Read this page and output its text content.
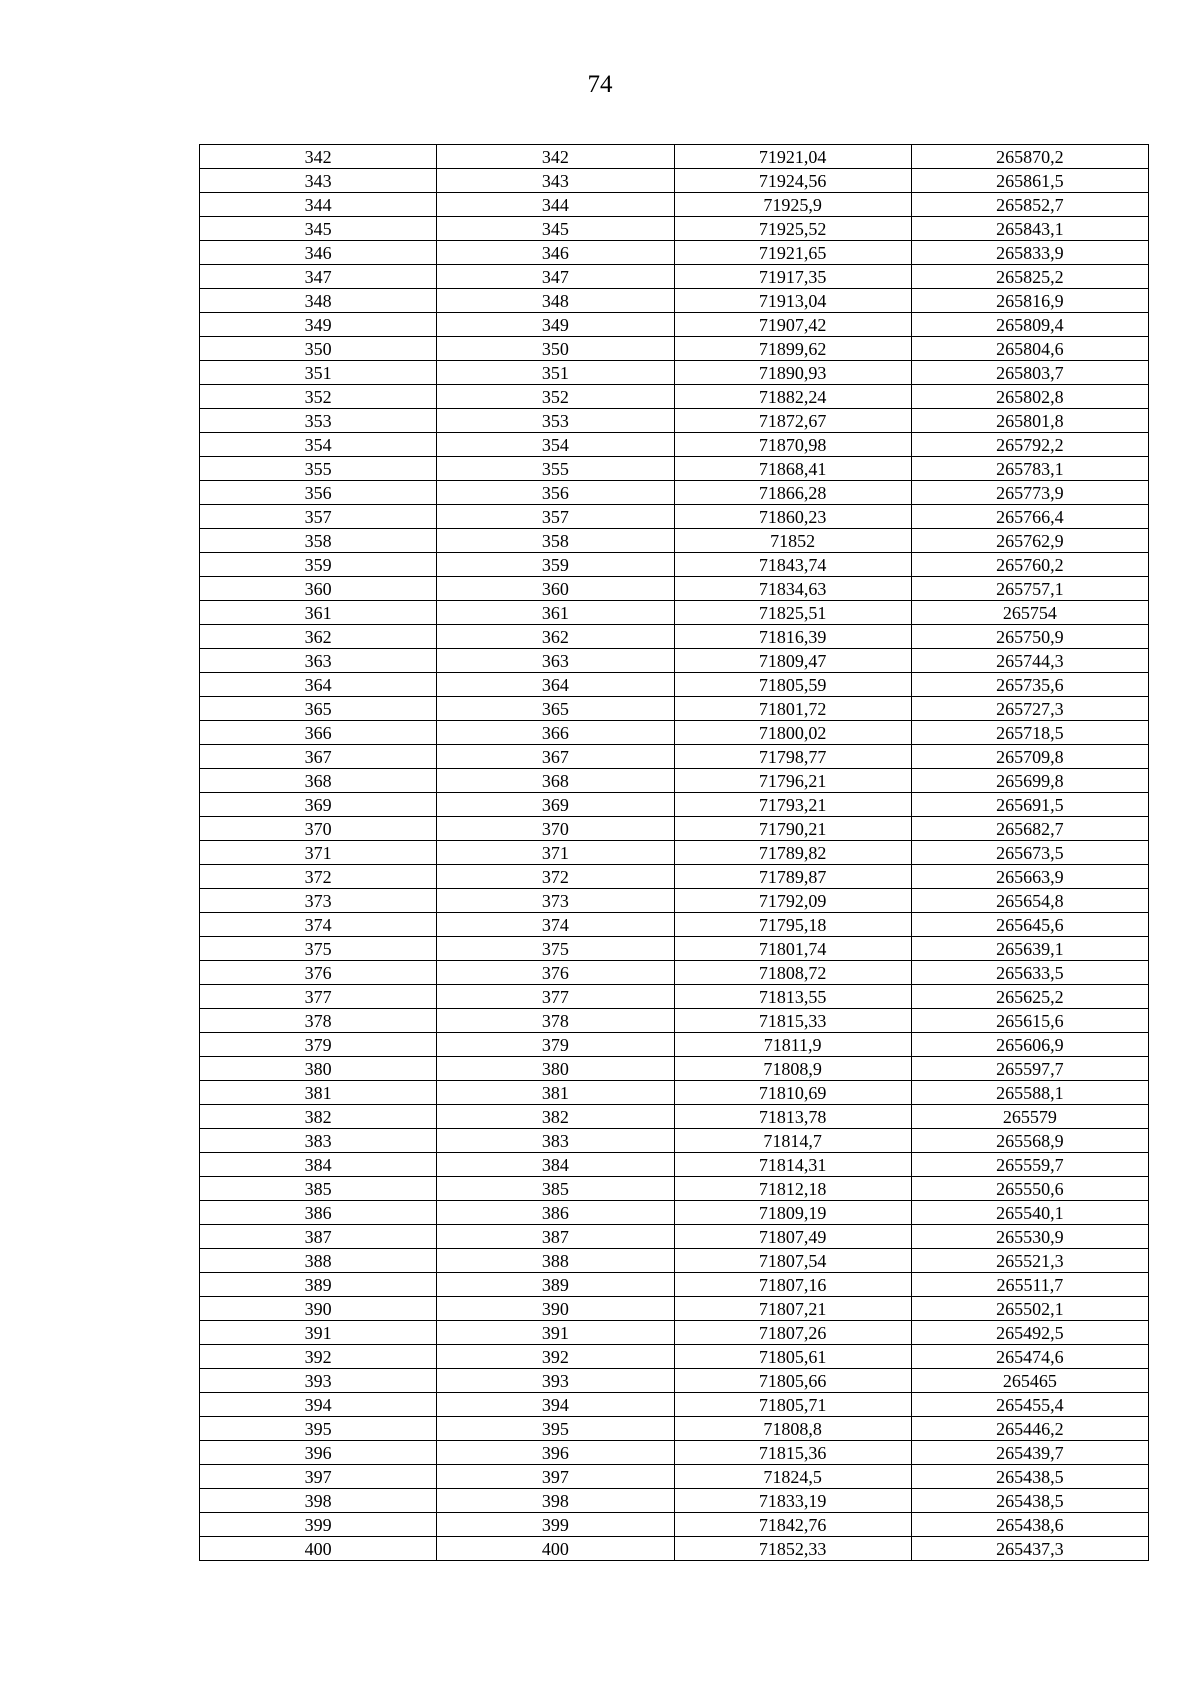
74
342	342	71921,04	265870,2
343	343	71924,56	265861,5
344	344	71925,9	265852,7
345	345	71925,52	265843,1
346	346	71921,65	265833,9
347	347	71917,35	265825,2
348	348	71913,04	265816,9
349	349	71907,42	265809,4
350	350	71899,62	265804,6
351	351	71890,93	265803,7
352	352	71882,24	265802,8
353	353	71872,67	265801,8
354	354	71870,98	265792,2
355	355	71868,41	265783,1
356	356	71866,28	265773,9
357	357	71860,23	265766,4
358	358	71852	265762,9
359	359	71843,74	265760,2
360	360	71834,63	265757,1
361	361	71825,51	265754
362	362	71816,39	265750,9
363	363	71809,47	265744,3
364	364	71805,59	265735,6
365	365	71801,72	265727,3
366	366	71800,02	265718,5
367	367	71798,77	265709,8
368	368	71796,21	265699,8
369	369	71793,21	265691,5
370	370	71790,21	265682,7
371	371	71789,82	265673,5
372	372	71789,87	265663,9
373	373	71792,09	265654,8
374	374	71795,18	265645,6
375	375	71801,74	265639,1
376	376	71808,72	265633,5
377	377	71813,55	265625,2
378	378	71815,33	265615,6
379	379	71811,9	265606,9
380	380	71808,9	265597,7
381	381	71810,69	265588,1
382	382	71813,78	265579
383	383	71814,7	265568,9
384	384	71814,31	265559,7
385	385	71812,18	265550,6
386	386	71809,19	265540,1
387	387	71807,49	265530,9
388	388	71807,54	265521,3
389	389	71807,16	265511,7
390	390	71807,21	265502,1
391	391	71807,26	265492,5
392	392	71805,61	265474,6
393	393	71805,66	265465
394	394	71805,71	265455,4
395	395	71808,8	265446,2
396	396	71815,36	265439,7
397	397	71824,5	265438,5
398	398	71833,19	265438,5
399	399	71842,76	265438,6
400	400	71852,33	265437,3
